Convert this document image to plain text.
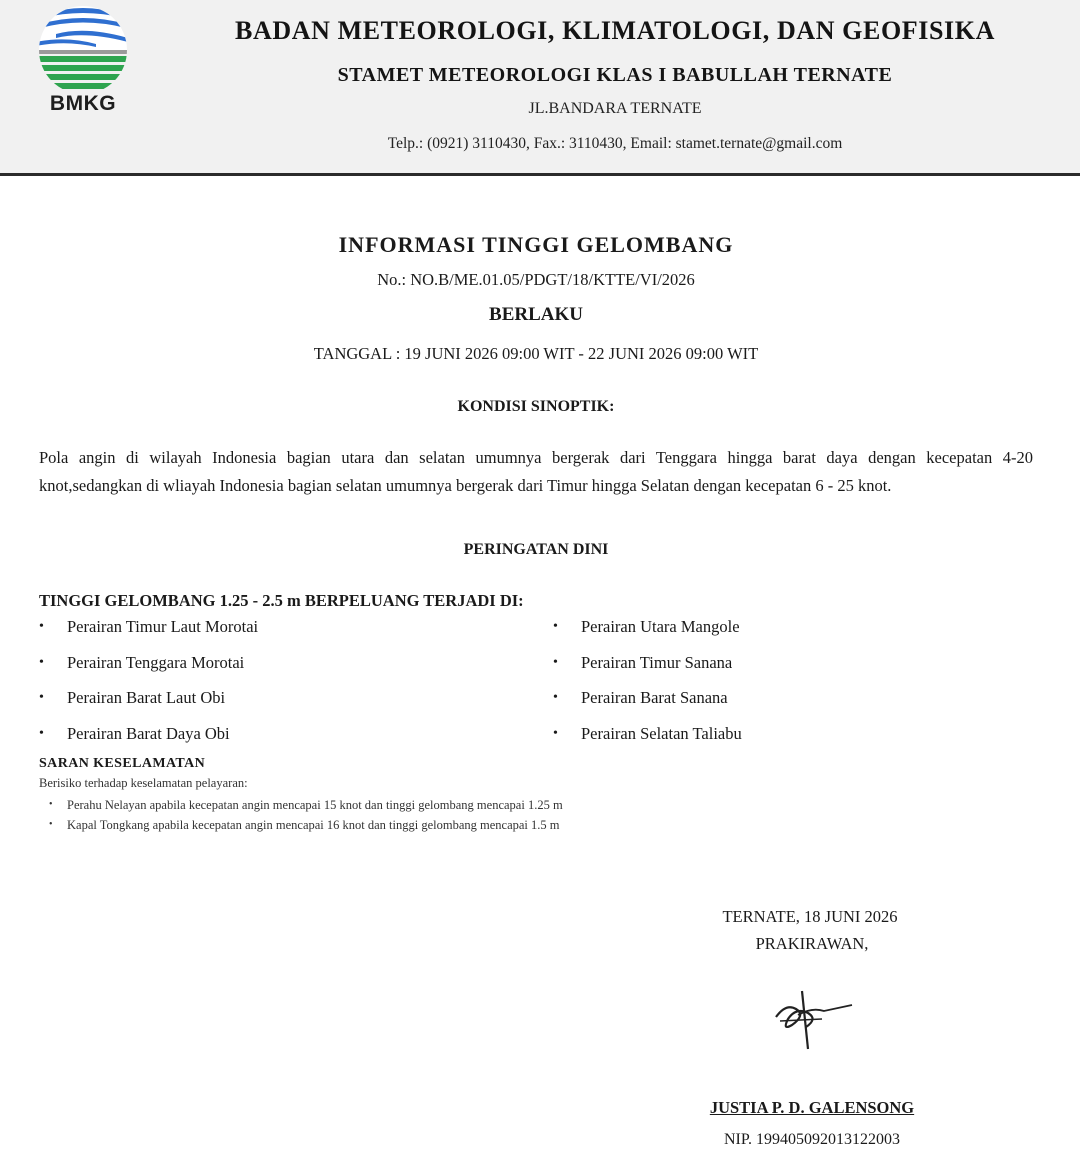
BMKG
BADAN METEOROLOGI, KLIMATOLOGI, DAN GEOFISIKA
STAMET METEOROLOGI KLAS I BABULLAH TERNATE
JL.BANDARA TERNATE
Telp.: (0921) 3110430, Fax.: 3110430, Email: stamet.ternate@gmail.com
INFORMASI TINGGI GELOMBANG
No.: NO.B/ME.01.05/PDGT/18/KTTE/VI/2026
BERLAKU
TANGGAL : 19 JUNI 2026 09:00 WIT - 22 JUNI 2026 09:00 WIT
KONDISI SINOPTIK:
Pola angin di wilayah Indonesia bagian utara dan selatan umumnya bergerak dari Tenggara hingga barat daya dengan kecepatan 4-20
knot,sedangkan di wliayah Indonesia bagian selatan umumnya bergerak dari Timur hingga Selatan dengan kecepatan 6 - 25 knot.
PERINGATAN DINI
TINGGI GELOMBANG 1.25 - 2.5 m BERPELUANG TERJADI DI:
• Perairan Timur Laut Morotai
• Perairan Tenggara Morotai
• Perairan Barat Laut Obi
• Perairan Barat Daya Obi
• Perairan Utara Mangole
• Perairan Timur Sanana
• Perairan Barat Sanana
• Perairan Selatan Taliabu
SARAN KESELAMATAN
Berisiko terhadap keselamatan pelayaran:
• Perahu Nelayan apabila kecepatan angin mencapai 15 knot dan tinggi gelombang mencapai 1.25 m
• Kapal Tongkang apabila kecepatan angin mencapai 16 knot dan tinggi gelombang mencapai 1.5 m
TERNATE, 18 JUNI 2026
PRAKIRAWAN,
JUSTIA P. D. GALENSONG
NIP. 199405092013122003
